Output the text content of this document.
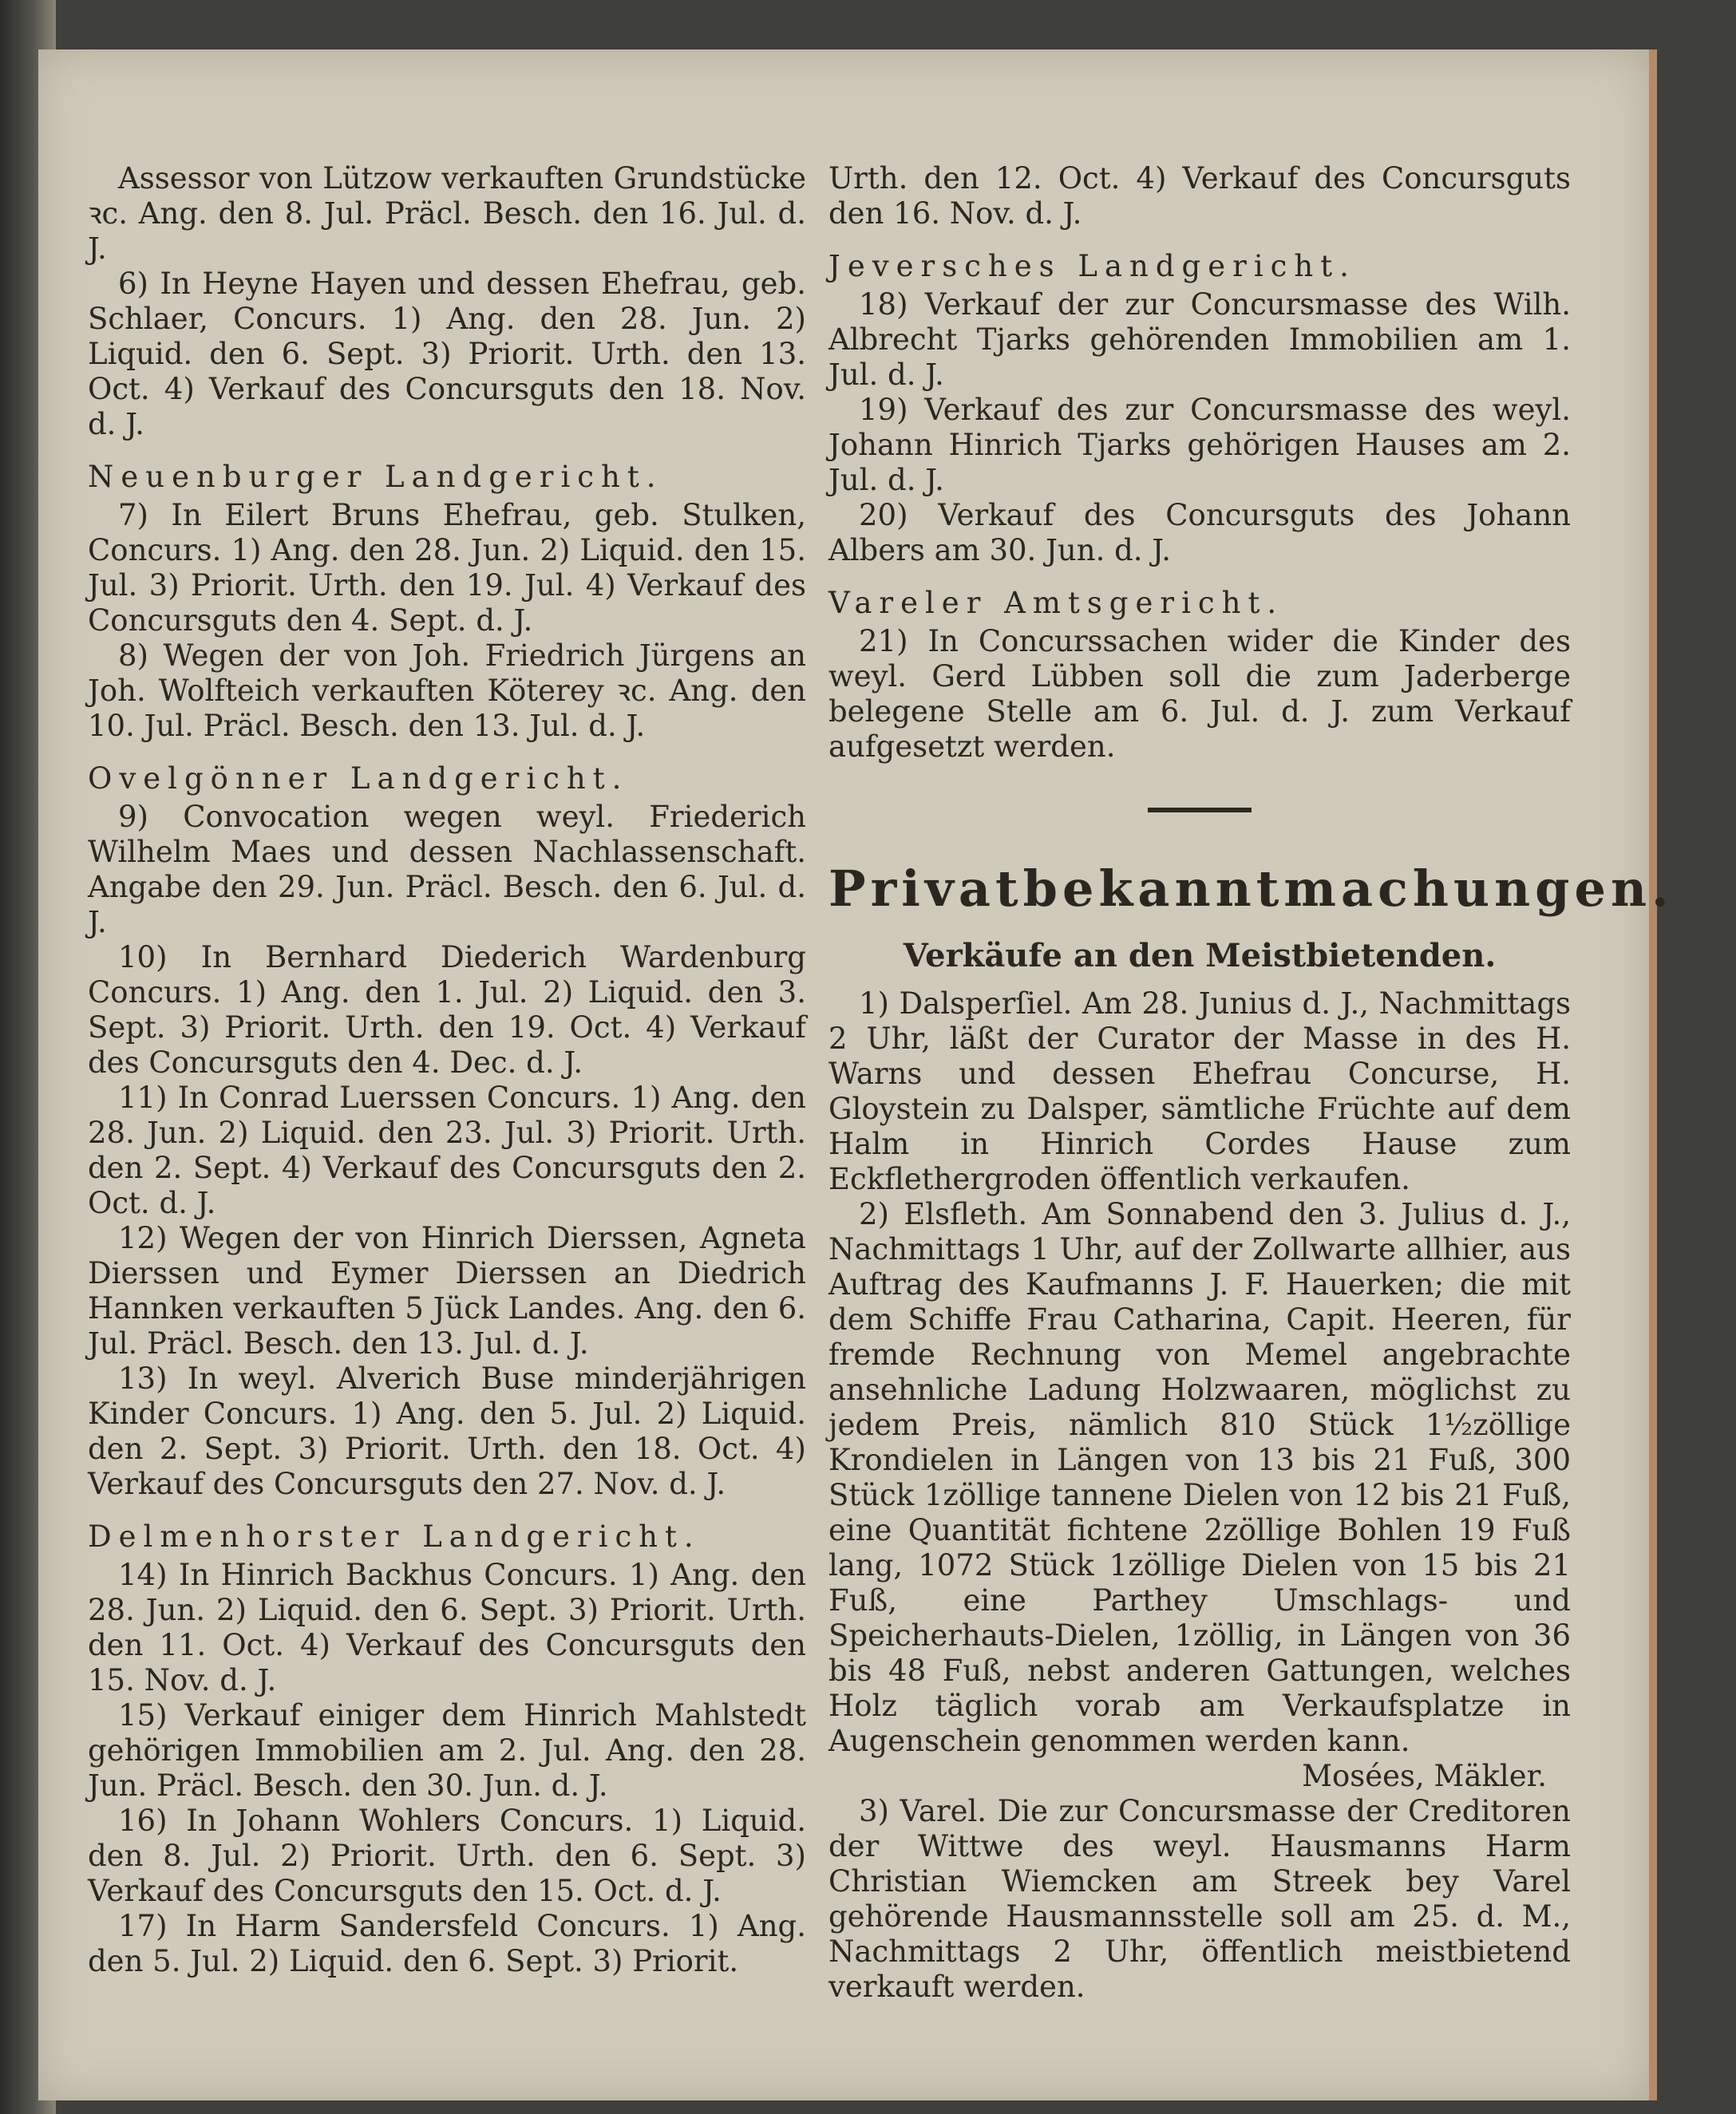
Assessor von Lützow verkauften Grundstücke ꝛc. Ang. den 8. Jul. Präcl. Besch. den 16. Jul. d. J.

6) In Heyne Hayen und dessen Ehefrau, geb. Schlaer, Concurs. 1) Ang. den 28. Jun. 2) Liquid. den 6. Sept. 3) Priorit. Urth. den 13. Oct. 4) Verkauf des Concursguts den 18. Nov. d. J.

Neuenburger Landgericht.

7) In Eilert Bruns Ehefrau, geb. Stulken, Concurs. 1) Ang. den 28. Jun. 2) Liquid. den 15. Jul. 3) Priorit. Urth. den 19. Jul. 4) Verkauf des Concursguts den 4. Sept. d. J.

8) Wegen der von Joh. Friedrich Jürgens an Joh. Wolfteich verkauften Köterey ꝛc. Ang. den 10. Jul. Präcl. Besch. den 13. Jul. d. J.

Ovelgönner Landgericht.

9) Convocation wegen weyl. Friederich Wilhelm Maes und dessen Nachlassenschaft. Angabe den 29. Jun. Präcl. Besch. den 6. Jul. d. J.

10) In Bernhard Diederich Wardenburg Concurs. 1) Ang. den 1. Jul. 2) Liquid. den 3. Sept. 3) Priorit. Urth. den 19. Oct. 4) Verkauf des Concursguts den 4. Dec. d. J.

11) In Conrad Luerssen Concurs. 1) Ang. den 28. Jun. 2) Liquid. den 23. Jul. 3) Priorit. Urth. den 2. Sept. 4) Verkauf des Concursguts den 2. Oct. d. J.

12) Wegen der von Hinrich Dierssen, Agneta Dierssen und Eymer Dierssen an Diedrich Hannken verkauften 5 Jück Landes. Ang. den 6. Jul. Präcl. Besch. den 13. Jul. d. J.

13) In weyl. Alverich Buse minderjährigen Kinder Concurs. 1) Ang. den 5. Jul. 2) Liquid. den 2. Sept. 3) Priorit. Urth. den 18. Oct. 4) Verkauf des Concursguts den 27. Nov. d. J.

Delmenhorster Landgericht.

14) In Hinrich Backhus Concurs. 1) Ang. den 28. Jun. 2) Liquid. den 6. Sept. 3) Priorit. Urth. den 11. Oct. 4) Verkauf des Concursguts den 15. Nov. d. J.

15) Verkauf einiger dem Hinrich Mahlstedt gehörigen Immobilien am 2. Jul. Ang. den 28. Jun. Präcl. Besch. den 30. Jun. d. J.

16) In Johann Wohlers Concurs. 1) Liquid. den 8. Jul. 2) Priorit. Urth. den 6. Sept. 3) Verkauf des Concursguts den 15. Oct. d. J.

17) In Harm Sandersfeld Concurs. 1) Ang. den 5. Jul. 2) Liquid. den 6. Sept. 3) Priorit.

Urth. den 12. Oct. 4) Verkauf des Concursguts den 16. Nov. d. J.

Jeversches Landgericht.

18) Verkauf der zur Concursmasse des Wilh. Albrecht Tjarks gehörenden Immobilien am 1. Jul. d. J.

19) Verkauf des zur Concursmasse des weyl. Johann Hinrich Tjarks gehörigen Hauses am 2. Jul. d. J.

20) Verkauf des Concursguts des Johann Albers am 30. Jun. d. J.

Vareler Amtsgericht.

21) In Concurssachen wider die Kinder des weyl. Gerd Lübben soll die zum Jaderberge belegene Stelle am 6. Jul. d. J. zum Verkauf aufgesetzt werden.

Privatbekanntmachungen.

Verkäufe an den Meistbietenden.

1) Dalsperſiel. Am 28. Junius d. J., Nachmittags 2 Uhr, läßt der Curator der Masse in des H. Warns und dessen Ehefrau Concurse, H. Gloystein zu Dalsper, sämtliche Früchte auf dem Halm in Hinrich Cordes Hause zum Eckflethergroden öffentlich verkaufen.

2) Elsfleth. Am Sonnabend den 3. Julius d. J., Nachmittags 1 Uhr, auf der Zollwarte allhier, aus Auftrag des Kaufmanns J. F. Hauerken; die mit dem Schiffe Frau Catharina, Capit. Heeren, für fremde Rechnung von Memel angebrachte ansehnliche Ladung Holzwaaren, möglichst zu jedem Preis, nämlich 810 Stück 1½zöllige Krondielen in Längen von 13 bis 21 Fuß, 300 Stück 1zöllige tannene Dielen von 12 bis 21 Fuß, eine Quantität fichtene 2zöllige Bohlen 19 Fuß lang, 1072 Stück 1zöllige Dielen von 15 bis 21 Fuß, eine Parthey Umschlags- und Speicherhauts-Dielen, 1zöllig, in Längen von 36 bis 48 Fuß, nebst anderen Gattungen, welches Holz täglich vorab am Verkaufsplatze in Augenschein genommen werden kann.

Mosées, Mäkler.

3) Varel. Die zur Concursmasse der Creditoren der Wittwe des weyl. Hausmanns Harm Christian Wiemcken am Streek bey Varel gehörende Hausmannsstelle soll am 25. d. M., Nachmittags 2 Uhr, öffentlich meistbietend verkauft werden.
